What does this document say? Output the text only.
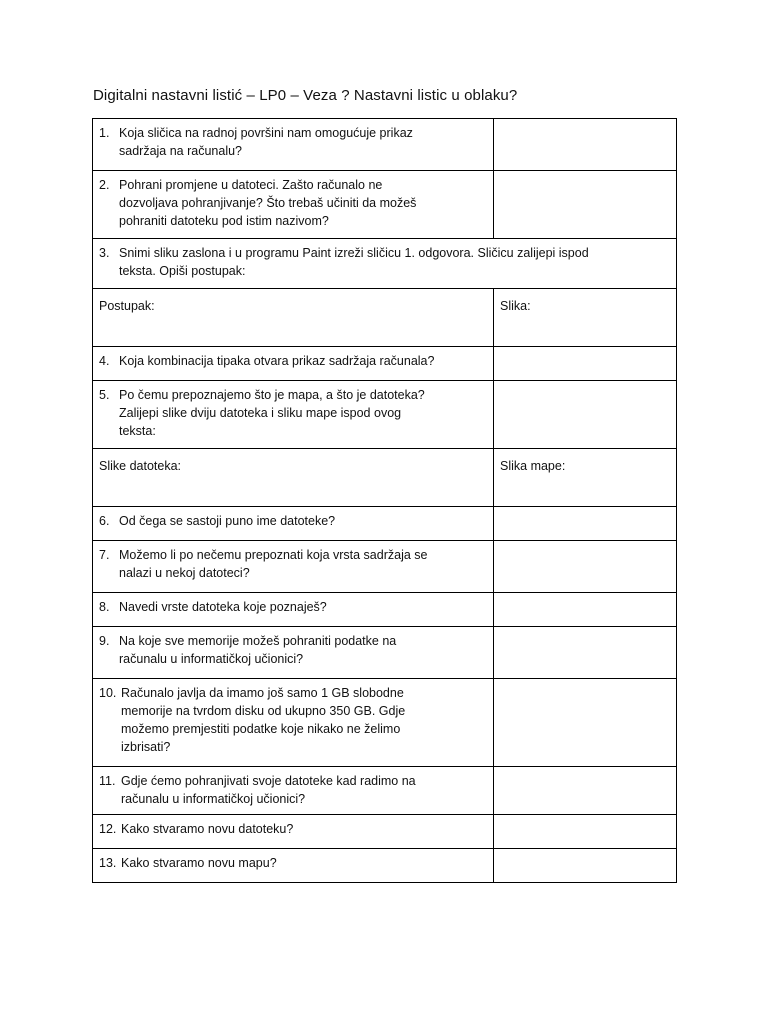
Digitalni nastavni listić – LP0 – Veza ? Nastavni listic u oblaku?
1. Koja sličica na radnoj površini nam omogućuje prikaz
sadržaja na računalu?	

2. Pohrani promjene u datoteci. Zašto računalo ne
dozvoljava pohranjivanje? Što trebaš učiniti da možeš
pohraniti datoteku pod istim nazivom?	

3. Snimi sliku zaslona i u programu Paint izreži sličicu 1. odgovora. Sličicu zalijepi ispod
teksta. Opiši postupak:	

Postupak:	Slika:

4. Koja kombinacija tipaka otvara prikaz sadržaja računala?	

5. Po čemu prepoznajemo što je mapa, a što je datoteka?
Zalijepi slike dviju datoteka i sliku mape ispod ovog
teksta:	

Slike datoteka:	Slika mape:

6. Od čega se sastoji puno ime datoteke?	

7. Možemo li po nečemu prepoznati koja vrsta sadržaja se
nalazi u nekoj datoteci?	

8. Navedi vrste datoteka koje poznaješ?	

9. Na koje sve memorije možeš pohraniti podatke na
računalu u informatičkoj učionici?	

10. Računalo javlja da imamo još samo 1 GB slobodne
memorije na tvrdom disku od ukupno 350 GB. Gdje
možemo premjestiti podatke koje nikako ne želimo
izbrisati?	

11. Gdje ćemo pohranjivati svoje datoteke kad radimo na
računalu u informatičkoj učionici?	

12. Kako stvaramo novu datoteku?	

13. Kako stvaramo novu mapu?	
